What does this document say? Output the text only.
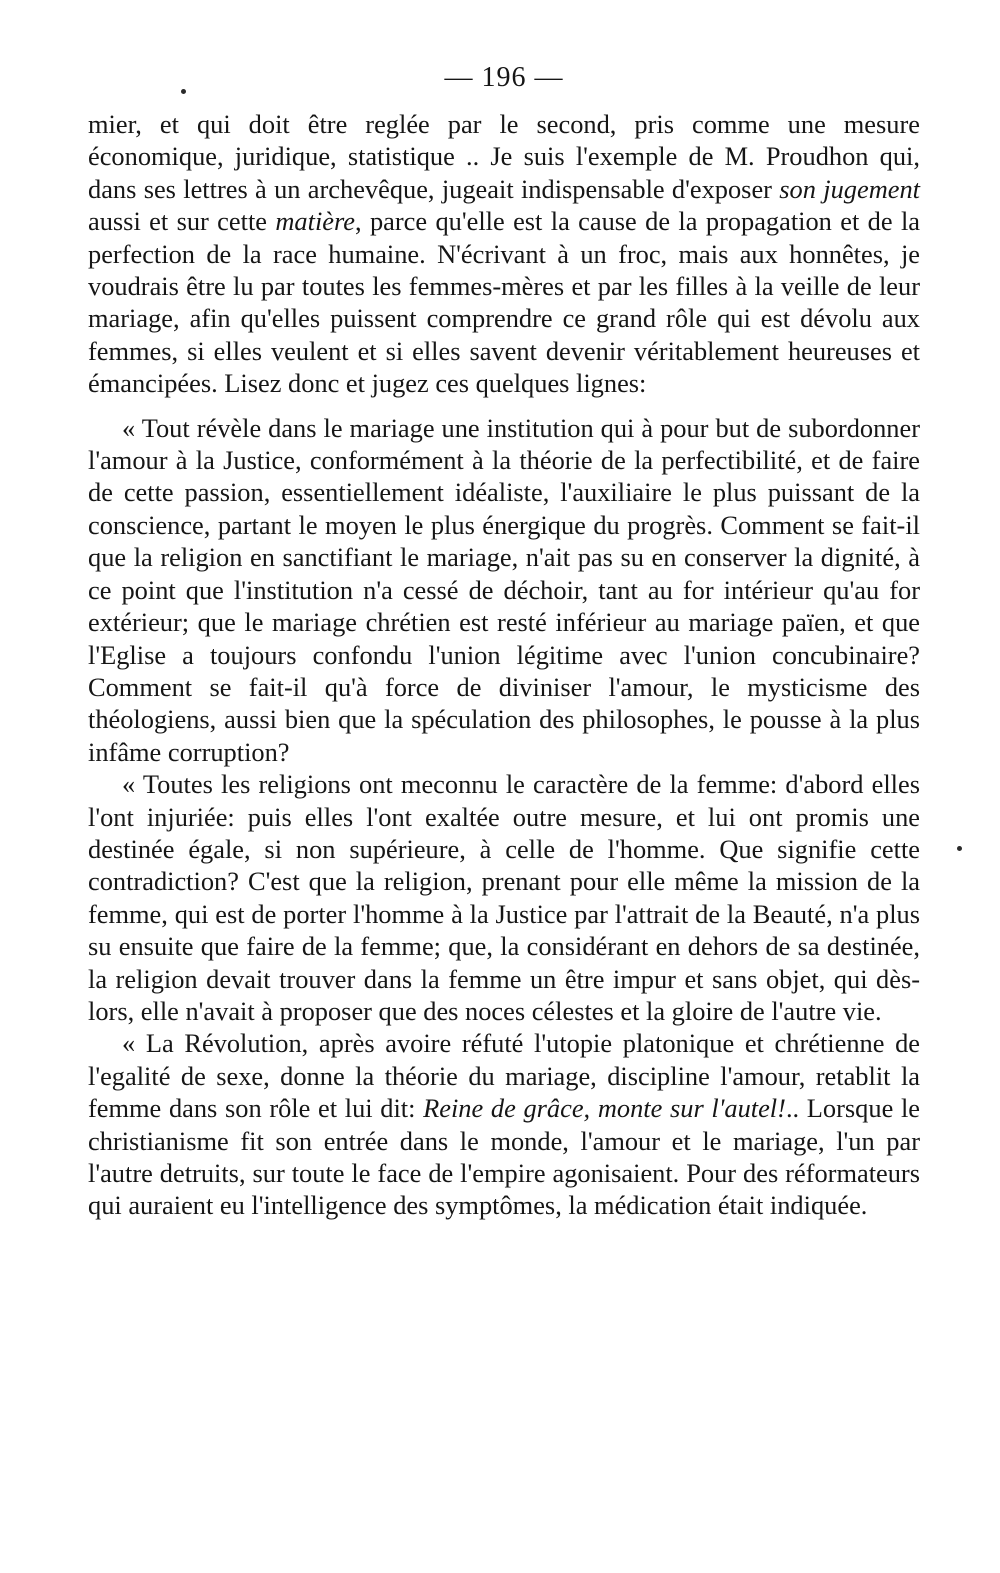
— 196 —

mier, et qui doit être reglée par le second, pris comme une mesure économique, juridique, statistique .. Je suis l'exemple de M. Proudhon qui, dans ses lettres à un archevêque, jugeait indispensable d'exposer son jugement aussi et sur cette matière, parce qu'elle est la cause de la propagation et de la perfection de la race humaine. N'écrivant à un froc, mais aux honnêtes, je voudrais être lu par toutes les femmes-mères et par les filles à la veille de leur mariage, afin qu'elles puissent comprendre ce grand rôle qui est dévolu aux femmes, si elles veulent et si elles savent devenir véritablement heureuses et émancipées. Lisez donc et jugez ces quelques lignes:

« Tout révèle dans le mariage une institution qui à pour but de subordonner l'amour à la Justice, conformément à la théorie de la perfectibilité, et de faire de cette passion, essentiellement idéaliste, l'auxiliaire le plus puissant de la conscience, partant le moyen le plus énergique du progrès. Comment se fait-il que la religion en sanctifiant le mariage, n'ait pas su en conserver la dignité, à ce point que l'institution n'a cessé de déchoir, tant au for intérieur qu'au for extérieur; que le mariage chrétien est resté inférieur au mariage païen, et que l'Eglise a toujours confondu l'union légitime avec l'union concubinaire? Comment se fait-il qu'à force de diviniser l'amour, le mysticisme des théologiens, aussi bien que la spéculation des philosophes, le pousse à la plus infâme corruption?

« Toutes les religions ont meconnu le caractère de la femme: d'abord elles l'ont injuriée: puis elles l'ont exaltée outre mesure, et lui ont promis une destinée égale, si non supérieure, à celle de l'homme. Que signifie cette contradiction? C'est que la religion, prenant pour elle même la mission de la femme, qui est de porter l'homme à la Justice par l'attrait de la Beauté, n'a plus su ensuite que faire de la femme; que, la considérant en dehors de sa destinée, la religion devait trouver dans la femme un être impur et sans objet, qui dès-lors, elle n'avait à proposer que des noces célestes et la gloire de l'autre vie.

« La Révolution, après avoire réfuté l'utopie platonique et chrétienne de l'egalité de sexe, donne la théorie du mariage, discipline l'amour, retablit la femme dans son rôle et lui dit: Reine de grâce, monte sur l'autel!.. Lorsque le christianisme fit son entrée dans le monde, l'amour et le mariage, l'un par l'autre detruits, sur toute le face de l'empire agonisaient. Pour des réformateurs qui auraient eu l'intelligence des symptômes, la médication était indiquée.
